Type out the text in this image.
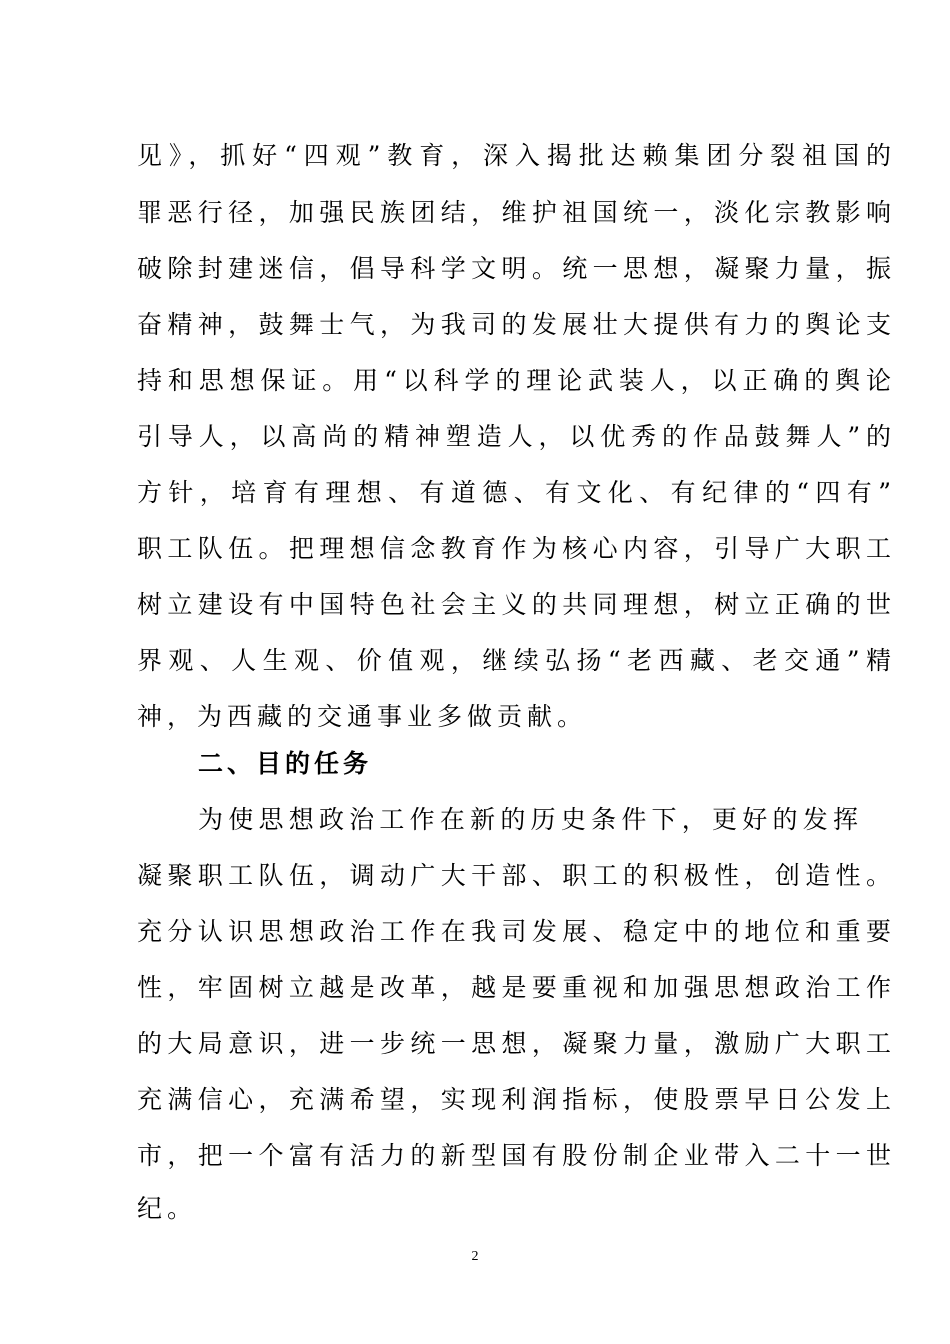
见》，抓好“四观”教育，深入揭批达赖集团分裂祖国的
罪恶行径，加强民族团结，维护祖国统一，淡化宗教影响
破除封建迷信，倡导科学文明。统一思想，凝聚力量，振
奋精神，鼓舞士气，为我司的发展壮大提供有力的舆论支
持和思想保证。用“以科学的理论武装人，以正确的舆论
引导人，以高尚的精神塑造人，以优秀的作品鼓舞人”的
方针，培育有理想、有道德、有文化、有纪律的“四有”
职工队伍。把理想信念教育作为核心内容，引导广大职工
树立建设有中国特色社会主义的共同理想，树立正确的世
界观、人生观、价值观，继续弘扬“老西藏、老交通”精
神，为西藏的交通事业多做贡献。
二、目的任务
为使思想政治工作在新的历史条件下，更好的发挥
凝聚职工队伍，调动广大干部、职工的积极性，创造性。
充分认识思想政治工作在我司发展、稳定中的地位和重要
性，牢固树立越是改革，越是要重视和加强思想政治工作
的大局意识，进一步统一思想，凝聚力量，激励广大职工
充满信心，充满希望，实现利润指标，使股票早日公发上
市，把一个富有活力的新型国有股份制企业带入二十一世
纪。
2
